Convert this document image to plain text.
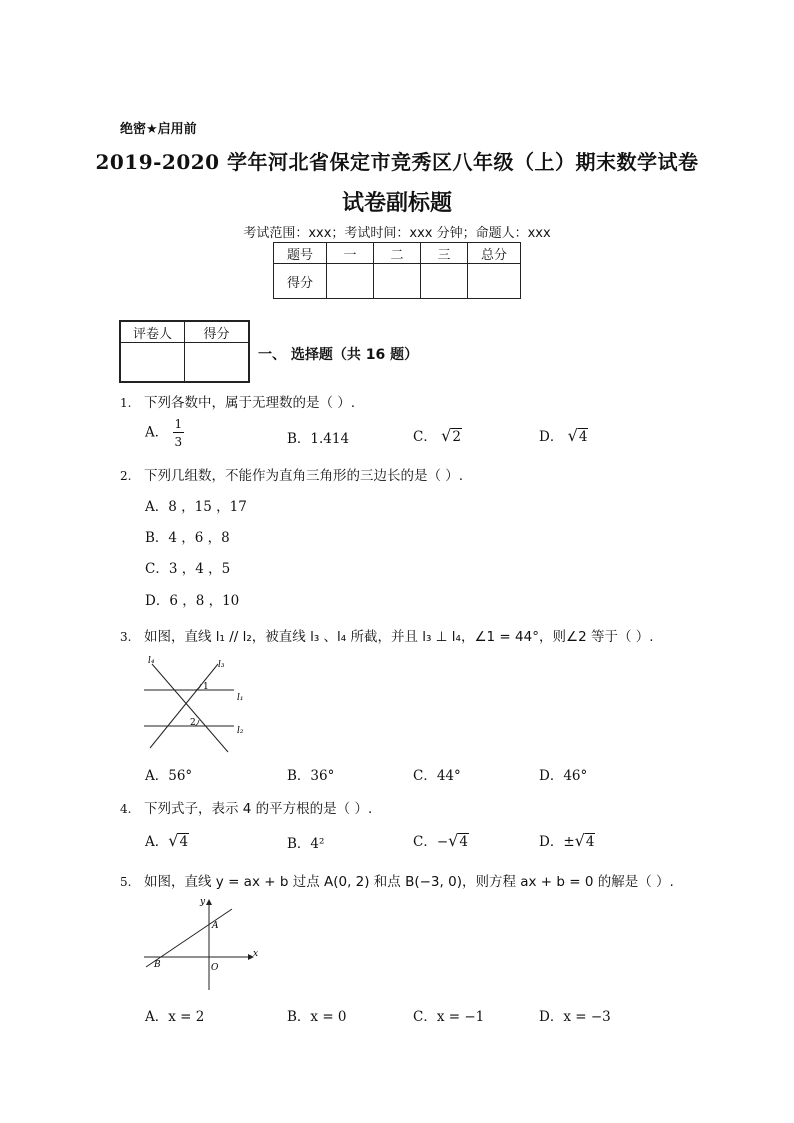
绝密★启用前
2019-2020 学年河北省保定市竞秀区八年级（上）期末数学试卷
试卷副标题
考试范围：xxx；考试时间：xxx 分钟；命题人：xxx
题号	一	二	三	总分
得分				
评卷人	得分

一、 选择题（共 16 题）
1. 下列各数中，属于无理数的是（ ）.
A． $\frac{1}{3}$	B．1.414	C． √2	D． √4
2. 下列几组数，不能作为直角三角形的三边长的是（ ）.
A．8 ，15 ，17
B．4 ，6 ，8
C．3 ，4 ，5
D．6 ，8 ，10
3. 如图，直线 l₁ // l₂，被直线 l₃ 、l₄ 所截，并且 l₃ ⊥ l₄，∠1 = 44°，则∠2 等于（ ）.
l₄	l₃
l₁
l₂
1
2
A．56°	B．36°	C．44°	D．46°
4. 下列式子，表示 4 的平方根的是（ ）.
A．√4	B．4²	C．−√4	D．±√4
5. 如图，直线 y = ax + b 过点 A(0, 2) 和点 B(−3, 0)，则方程 ax + b = 0 的解是（ ）.
y
x
A
B	O
A．x = 2	B．x = 0	C．x = −1	D．x = −3
